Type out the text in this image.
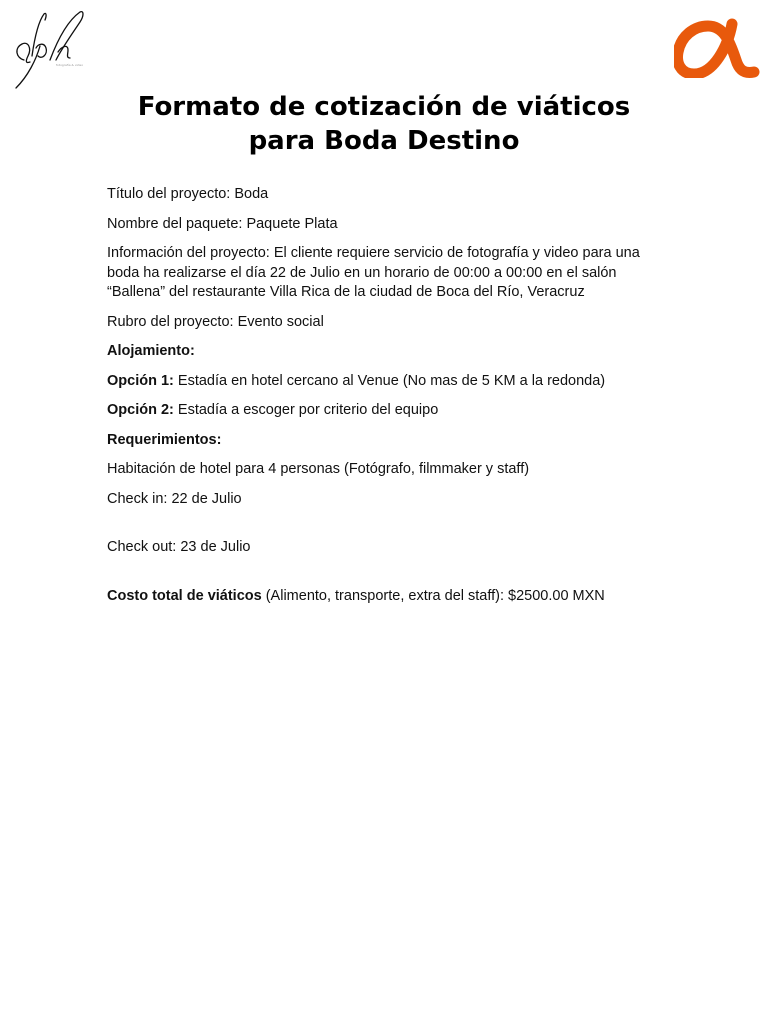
fotografía & video
Formato de cotización de viáticos
para Boda Destino

Título del proyecto: Boda

Nombre del paquete: Paquete Plata

Información del proyecto: El cliente requiere servicio de fotografía y video para una boda ha realizarse el día 22 de Julio en un horario de 00:00 a 00:00 en el salón “Ballena” del restaurante Villa Rica de la ciudad de Boca del Río, Veracruz

Rubro del proyecto: Evento social

Alojamiento:

Opción 1: Estadía en hotel cercano al Venue (No mas de 5 KM a la redonda)

Opción 2: Estadía a escoger por criterio del equipo

Requerimientos:

Habitación de hotel para 4 personas (Fotógrafo, filmmaker y staff)

Check in: 22 de Julio

Check out: 23 de Julio

Costo total de viáticos (Alimento, transporte, extra del staff): $2500.00 MXN
